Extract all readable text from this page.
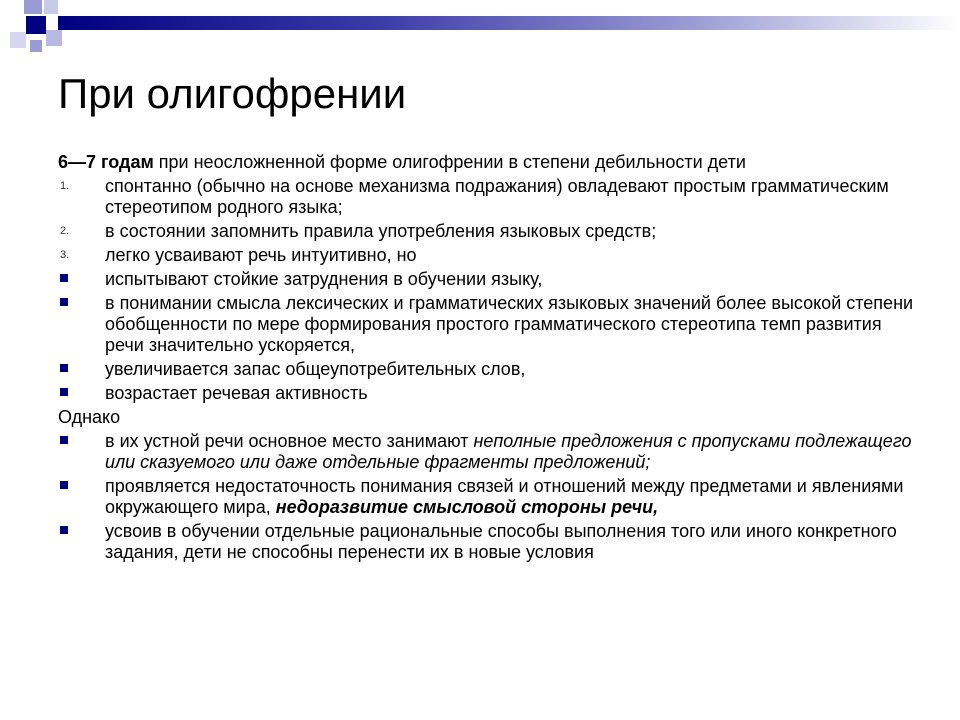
При олигофрении

6—7 годам при неосложненной форме олигофрении в степени дебильности дети

1.	спонтанно (обычно на основе механизма подражания) овладевают простым грамматическим стереотипом родного языка;
2.	в состоянии запомнить правила употребления языковых средств;
3.	легко усваивают речь интуитивно, но
испытывают стойкие затруднения в обучении языку,
в понимании смысла лексических и грамматических языковых значений более высокой степени обобщенности по мере формирования простого грамматического стереотипа темп развития речи значительно ускоряется,
увеличивается запас общеупотребительных слов,
возрастает речевая активность

Однако

в их устной речи основное место занимают неполные предложения с пропусками подлежащего или сказуемого или даже отдельные фрагменты предложений;
проявляется недостаточность понимания связей и отношений между предметами и явлениями окружающего мира, недоразвитие смысловой стороны речи,
усвоив в обучении отдельные рациональные способы выполнения того или иного конкретного задания, дети не способны перенести их в новые условия
